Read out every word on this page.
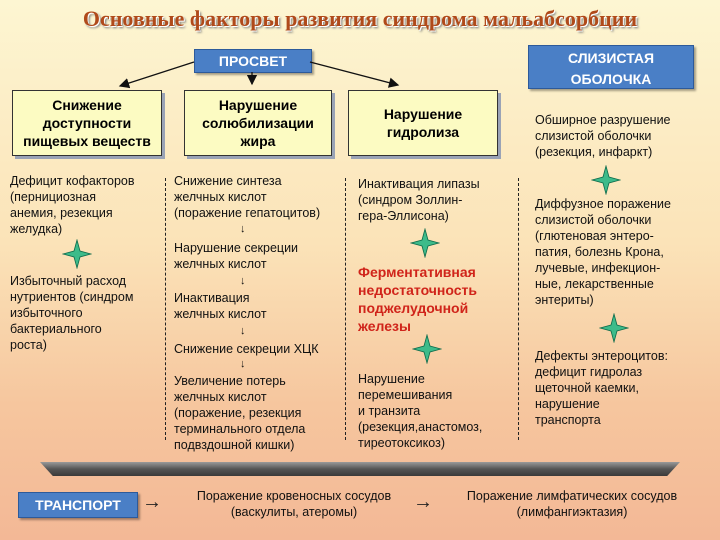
Основные факторы развития синдрома мальабсорбции
ПРОСВЕТ	СЛИЗИСТАЯ
ОБОЛОЧКА
Снижение
доступности
пищевых веществ
Нарушение
солюбилизации
жира
Нарушение
гидролиза
Дефицит кофакторов
(пернициозная
анемия, резекция
желудка)
Избыточный расход
нутриентов (синдром
избыточного
бактериального
роста)
Снижение синтеза
желчных кислот
(поражение гепатоцитов)
↓
Нарушение секреции
желчных кислот
↓
Инактивация
желчных кислот
↓
Снижение секреции ХЦК
↓
Увеличение потерь
желчных кислот
(поражение, резекция
терминального отдела
подвздошной кишки)
Инактивация липазы
(синдром Золлин-
гера-Эллисона)
Ферментативная
недостаточность
поджелудочной
железы
Нарушение
перемешивания
и транзита
(резекция,анастомоз,
тиреотоксикоз)
Обширное разрушение
слизистой оболочки
(резекция, инфаркт)
Диффузное поражение
слизистой оболочки
(глютеновая энтеро-
патия, болезнь Крона,
лучевые, инфекцион-
ные, лекарственные
энтериты)
Дефекты энтероцитов:
дефицит гидролаз
щеточной каемки,
нарушение
транспорта
ТРАНСПОРТ	→	Поражение кровеносных сосудов
(васкулиты, атеромы)	→	Поражение лимфатических сосудов
(лимфангиэктазия)
